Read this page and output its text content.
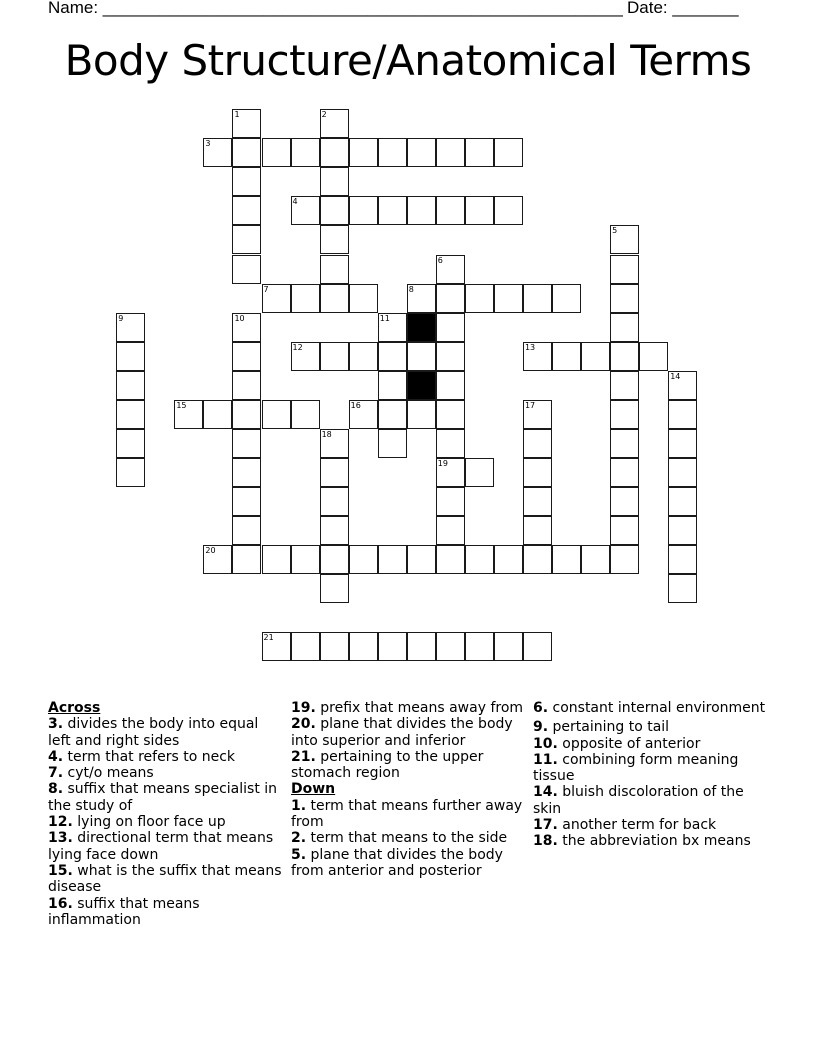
Name: _______________________________________________________

Date: _______

Body Structure/Anatomical Terms
1	2
3
4
5
6
19
7	8
9	10	11
12	13
14
15	16	17
18
20
21
Across
3. divides the body into equal left and right sides
4. term that refers to neck
7. cyt/o means
8. suffix that means specialist in the study of
12. lying on floor face up
13. directional term that means lying face down
15. what is the suffix that means disease
16. suffix that means inflammation
19. prefix that means away from
20. plane that divides the body into superior and inferior
21. pertaining to the upper stomach region
Down
1. term that means further away from
2. term that means to the side
5. plane that divides the body from anterior and posterior
6. constant internal environment
9. pertaining to tail
10. opposite of anterior
11. combining form meaning tissue
14. bluish discoloration of the skin
17. another term for back
18. the abbreviation bx means
